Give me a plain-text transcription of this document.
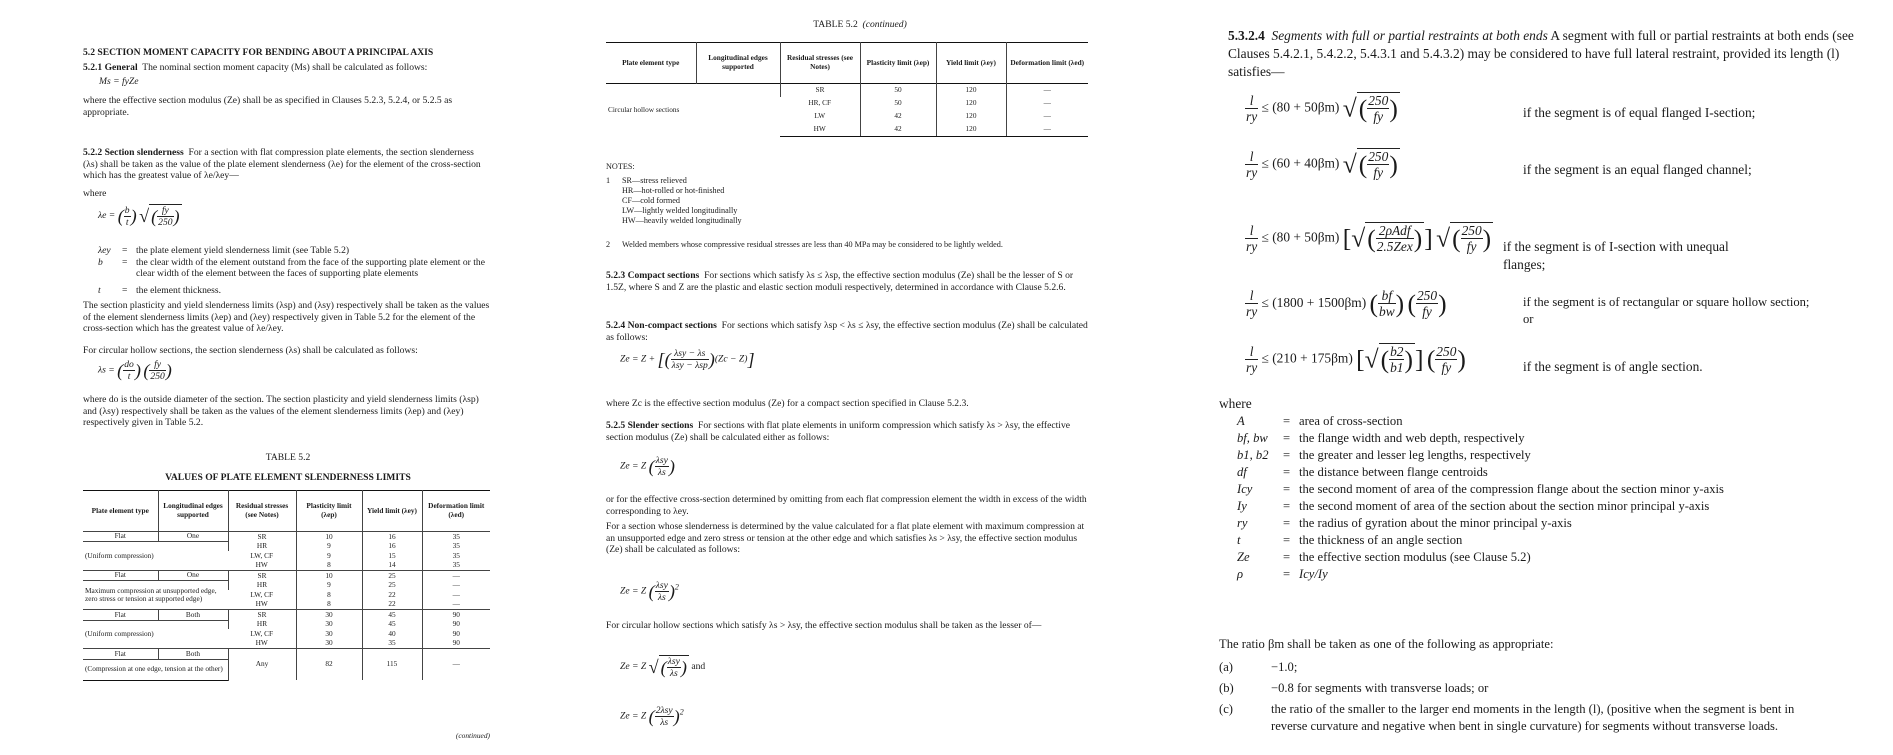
5.2 SECTION MOMENT CAPACITY FOR BENDING ABOUT A PRINCIPAL AXIS
5.2.1 General The nominal section moment capacity (Ms) shall be calculated as follows:
Ms = fyZe
where the effective section modulus (Ze) shall be as specified in Clauses 5.2.3, 5.2.4, or 5.2.5 as appropriate.
5.2.2 Section slenderness For a section with flat compression plate elements, the section slenderness (λs) shall be taken as the value of the plate element slenderness (λe) for the element of the cross-section which has the greatest value of λe/λey—
where
λe = ( $\frac{b}{t}$ ) √ ( $\frac{fy}{250}$ )
λey	=	the plate element yield slenderness limit (see Table 5.2)
b	=	the clear width of the element outstand from the face of the supporting plate element or the clear width of the element between the faces of supporting plate elements
t	=	the element thickness.
The section plasticity and yield slenderness limits (λsp) and (λsy) respectively shall be taken as the values of the element slenderness limits (λep) and (λey) respectively given in Table 5.2 for the element of the cross-section which has the greatest value of λe/λey.
For circular hollow sections, the section slenderness (λs) shall be calculated as follows:
λs = ( $\frac{do}{t}$ ) ( $\frac{fy}{250}$ )
where do is the outside diameter of the section. The section plasticity and yield slenderness limits (λsp) and (λsy) respectively shall be taken as the values of the element slenderness limits (λep) and (λey) respectively given in Table 5.2.
TABLE 5.2
VALUES OF PLATE ELEMENT SLENDERNESS LIMITS
Plate element type	Longitudinal edges supported	Residual stresses (see Notes)	Plasticity limit (λep)	Yield limit (λey)	Deformation limit (λed)
Flat	One	SR	10	16	35
(Uniform compression)		HR	9	16	35
		LW, CF	9	15	35
		HW	8	14	35
Flat	One	SR	10	25	—
Maximum compression at unsupported edge, zero stress or tension at supported edge)		HR	9	25	—
		LW, CF	8	22	—
		HW	8	22	—
Flat	Both	SR	30	45	90
(Uniform compression)		HR	30	45	90
		LW, CF	30	40	90
		HW	30	35	90
Flat	Both	Any	82	115	—
(Compression at one edge, tension at the other)					
(continued)
TABLE 5.2 (continued)
Plate element type	Longitudinal edges supported	Residual stresses (see Notes)	Plasticity limit (λep)	Yield limit (λey)	Deformation limit (λed)
Circular hollow sections		SR	50	120	—
		HR, CF	50	120	—
		LW	42	120	—
		HW	42	120	—
NOTES:
1	SR—stress relieved
HR—hot-rolled or hot-finished
CF—cold formed
LW—lightly welded longitudinally
HW—heavily welded longitudinally
2	Welded members whose compressive residual stresses are less than 40 MPa may be considered to be lightly welded.
5.2.3 Compact sections For sections which satisfy λs ≤ λsp, the effective section modulus (Ze) shall be the lesser of S or 1.5Z, where S and Z are the plastic and elastic section moduli respectively, determined in accordance with Clause 5.2.6.
5.2.4 Non-compact sections For sections which satisfy λsp < λs ≤ λsy, the effective section modulus (Ze) shall be calculated as follows:
Ze = Z + [( $\frac{\text{λsy − λs}}{\text{λsy − λsp}} )(Zc - Z)$]
where Zc is the effective section modulus (Ze) for a compact section specified in Clause 5.2.3.
5.2.5 Slender sections For sections with flat plate elements in uniform compression which satisfy λs > λsy, the effective section modulus (Ze) shall be calculated either as follows:
Ze = Z ( $\frac{\text{λsy}}{\lambda s}$ )
or for the effective cross-section determined by omitting from each flat compression element the width in excess of the width corresponding to λey.
For a section whose slenderness is determined by the value calculated for a flat plate element with maximum compression at an unsupported edge and zero stress or tension at the other edge and which satisfies λs > λsy, the effective section modulus (Ze) shall be calculated as follows:
Ze = Z ( $\frac{\text{λsy}}{\lambda s} )^2$
For circular hollow sections which satisfy λs > λsy, the effective section modulus shall be taken as the lesser of—
Ze = Z √ ( $\frac{\text{λsy}}{\lambda s}$ ) and
Ze = Z ( $\frac{\text{2λsy}}{\lambda s} )^2$
5.3.2.4 Segments with full or partial restraints at both ends A segment with full or partial restraints at both ends (see Clauses 5.4.2.1, 5.4.2.2, 5.4.3.1 and 5.4.3.2) may be considered to have full lateral restraint, provided its length (l) satisfies—
$\frac{l}{ry} \le (80 + 50\beta m)$ √( $\frac{250}{fy}$ )	if the segment is of equal flanged I-section;
$\frac{l}{ry} \le (60 + 40\beta m)$ √( $\frac{250}{fy}$ )	if the segment is an equal flanged channel;
$\frac{l}{ry} \le (80 + 50\beta m)$ [√( $\frac{\text{2ρAdf}}{\text{2.5Zex}}$ )] √( $\frac{250}{fy}$ ) if the segment is of I-section with unequal flanges;
$\frac{l}{ry} \le (1800 + 1500\beta m)$ ( $\frac{bf}{bw}$ ) ( $\frac{250}{fy}$ )	if the segment is of rectangular or square hollow section; or
$\frac{l}{ry} \le (210 + 175\beta m)$ [√( $\frac{b2}{b1}$ )] ( $\frac{250}{fy}$ )	if the segment is of angle section.
where
A	=	area of cross-section
bf, bw	=	the flange width and web depth, respectively
b1, b2	=	the greater and lesser leg lengths, respectively
df	=	the distance between flange centroids
Icy	=	the second moment of area of the compression flange about the section minor y-axis
Iy	=	the second moment of area of the section about the section minor principal y-axis
ry	=	the radius of gyration about the minor principal y-axis
t	=	the thickness of an angle section
Ze	=	the effective section modulus (see Clause 5.2)
ρ	=	Icy/Iy
The ratio βm shall be taken as one of the following as appropriate:
(a)	−1.0;
(b)	−0.8 for segments with transverse loads; or
(c)	the ratio of the smaller to the larger end moments in the length (l), (positive when the segment is bent in reverse curvature and negative when bent in single curvature) for segments without transverse loads.
